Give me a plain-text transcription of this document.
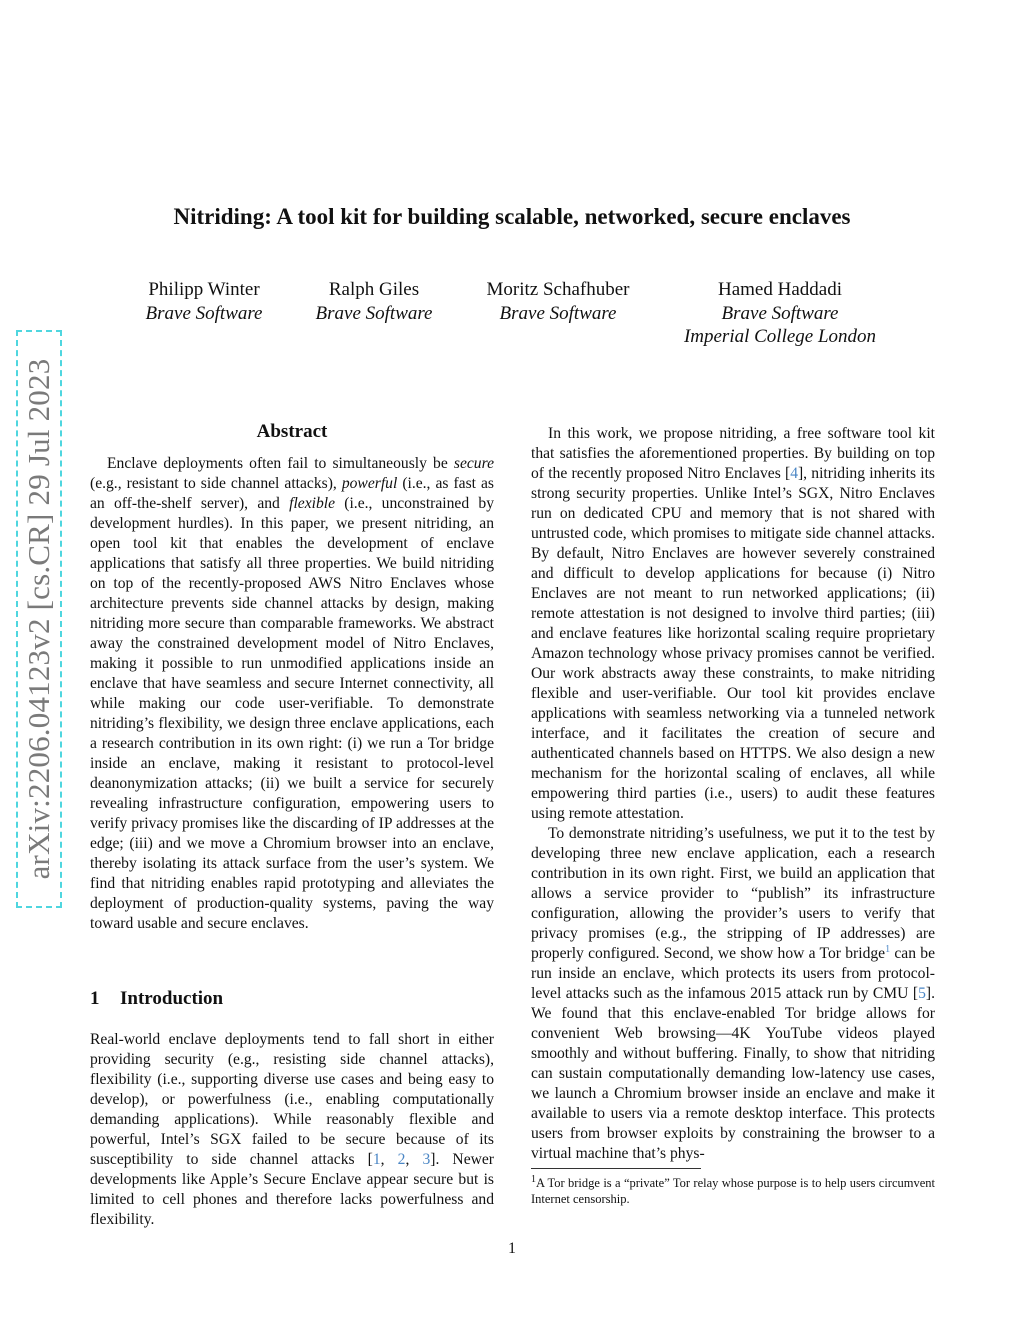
arXiv:2206.04123v2 [cs.CR] 29 Jul 2023
Nitriding: A tool kit for building scalable, networked, secure enclaves
Philipp Winter
Brave Software
Ralph Giles
Brave Software
Moritz Schafhuber
Brave Software
Hamed Haddadi
Brave Software
Imperial College London
Abstract

Enclave deployments often fail to simultaneously be secure (e.g., resistant to side channel attacks), powerful (i.e., as fast as an off-the-shelf server), and flexible (i.e., unconstrained by development hurdles). In this paper, we present nitriding, an open tool kit that enables the development of enclave applications that satisfy all three properties. We build nitriding on top of the recently-proposed AWS Nitro Enclaves whose architecture prevents side channel attacks by design, making nitriding more secure than comparable frameworks. We abstract away the constrained development model of Nitro Enclaves, making it possible to run unmodified applications inside an enclave that have seamless and secure Internet connectivity, all while making our code user-verifiable. To demonstrate nitriding’s flexibility, we design three enclave applications, each a research contribution in its own right: (i) we run a Tor bridge inside an enclave, making it resistant to protocol-level deanonymization attacks; (ii) we built a service for securely revealing infrastructure configuration, empowering users to verify privacy promises like the discarding of IP addresses at the edge; (iii) and we move a Chromium browser into an enclave, thereby isolating its attack surface from the user’s system. We find that nitriding enables rapid prototyping and alleviates the deployment of production-quality systems, paving the way toward usable and secure enclaves.

1 Introduction

Real-world enclave deployments tend to fall short in either providing security (e.g., resisting side channel attacks), flexibility (i.e., supporting diverse use cases and being easy to develop), or powerfulness (i.e., enabling computationally demanding applications). While reasonably flexible and powerful, Intel’s SGX failed to be secure because of its susceptibility to side channel attacks [1, 2, 3]. Newer developments like Apple’s Secure Enclave appear secure but is limited to cell phones and therefore lacks powerfulness and flexibility.

In this work, we propose nitriding, a free software tool kit that satisfies the aforementioned properties. By building on top of the recently proposed Nitro Enclaves [4], nitriding inherits its strong security properties. Unlike Intel’s SGX, Nitro Enclaves run on dedicated CPU and memory that is not shared with untrusted code, which promises to mitigate side channel attacks. By default, Nitro Enclaves are however severely constrained and difficult to develop applications for because (i) Nitro Enclaves are not meant to run networked applications; (ii) remote attestation is not designed to involve third parties; (iii) and enclave features like horizontal scaling require proprietary Amazon technology whose privacy promises cannot be verified. Our work abstracts away these constraints, to make nitriding flexible and user-verifiable. Our tool kit provides enclave applications with seamless networking via a tunneled network interface, and it facilitates the creation of secure and authenticated channels based on HTTPS. We also design a new mechanism for the horizontal scaling of enclaves, all while empowering third parties (i.e., users) to audit these features using remote attestation.

To demonstrate nitriding’s usefulness, we put it to the test by developing three new enclave application, each a research contribution in its own right. First, we build an application that allows a service provider to “publish” its infrastructure configuration, allowing the provider’s users to verify that privacy promises (e.g., the stripping of IP addresses) are properly configured. Second, we show how a Tor bridge$^1$ can be run inside an enclave, which protects its users from protocol-level attacks such as the infamous 2015 attack run by CMU [5]. We found that this enclave-enabled Tor bridge allows for convenient Web browsing—4K YouTube videos played smoothly and without buffering. Finally, to show that nitriding can sustain computationally demanding low-latency use cases, we launch a Chromium browser inside an enclave and make it available to users via a remote desktop interface. This protects users from browser exploits by constraining the browser to a virtual machine that’s phys-

$^1$A Tor bridge is a “private” Tor relay whose purpose is to help users circumvent Internet censorship.
1
